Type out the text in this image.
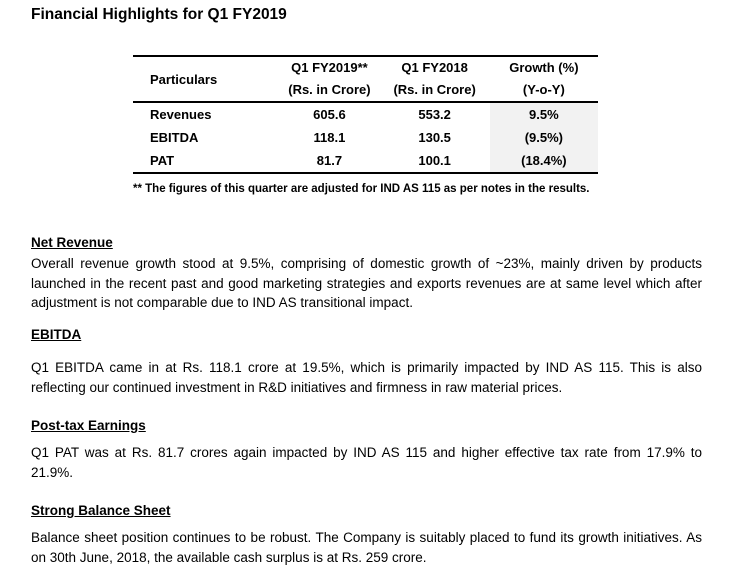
Financial Highlights for Q1 FY2019
Particulars	Q1 FY2019**	Q1 FY2018	Growth (%)
	(Rs. in Crore)	(Rs. in Crore)	(Y-o-Y)
Revenues	605.6	553.2	9.5%
EBITDA	118.1	130.5	(9.5%)
PAT	81.7	100.1	(18.4%)

** The figures of this quarter are adjusted for IND AS 115 as per notes in the results.

Net Revenue

Overall revenue growth stood at 9.5%, comprising of domestic growth of ~23%, mainly driven by products launched in the recent past and good marketing strategies and exports revenues are at same level which after adjustment is not comparable due to IND AS transitional impact.

EBITDA

Q1 EBITDA came in at Rs. 118.1 crore at 19.5%, which is primarily impacted by IND AS 115. This is also reflecting our continued investment in R&D initiatives and firmness in raw material prices.

Post-tax Earnings

Q1 PAT was at Rs. 81.7 crores again impacted by IND AS 115 and higher effective tax rate from 17.9% to 21.9%.

Strong Balance Sheet

Balance sheet position continues to be robust. The Company is suitably placed to fund its growth initiatives. As on 30th June, 2018, the available cash surplus is at Rs. 259 crore.
